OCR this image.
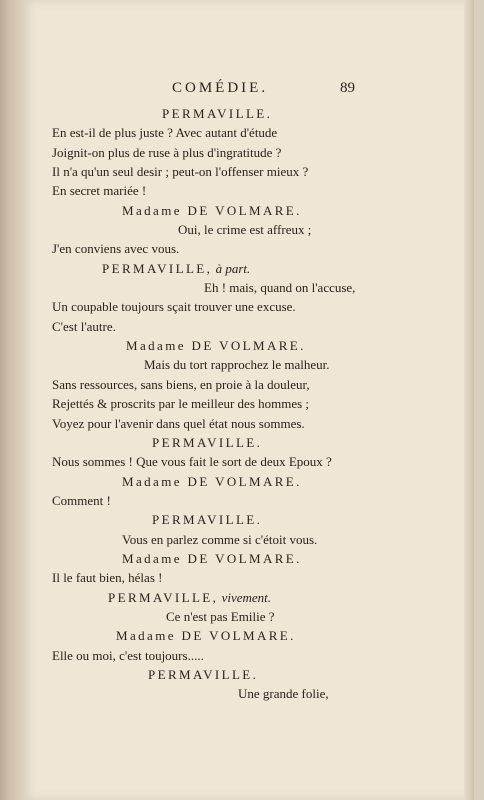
COMÉDIE.	89
PERMAVILLE.
En est-il de plus juste ? Avec autant d'étude
Joignit-on plus de ruse à plus d'ingratitude ?
Il n'a qu'un seul desir ; peut-on l'offenser mieux ?
En secret mariée !
Madame DE VOLMARE.
Oui, le crime est affreux ;
J'en conviens avec vous.
PERMAVILLE, à part.
Eh ! mais, quand on l'accuse,
Un coupable toujours sçait trouver une excuse.
C'est l'autre.
Madame DE VOLMARE.
Mais du tort rapprochez le malheur.
Sans ressources, sans biens, en proie à la douleur,
Rejettés & proscrits par le meilleur des hommes ;
Voyez pour l'avenir dans quel état nous sommes.
PERMAVILLE.
Nous sommes ! Que vous fait le sort de deux Epoux ?
Madame DE VOLMARE.
Comment !
PERMAVILLE.
Vous en parlez comme si c'étoit vous.
Madame DE VOLMARE.
Il le faut bien, hélas !
PERMAVILLE, vivement.
Ce n'est pas Emilie ?
Madame DE VOLMARE.
Elle ou moi, c'est toujours.....
PERMAVILLE.
Une grande folie,
